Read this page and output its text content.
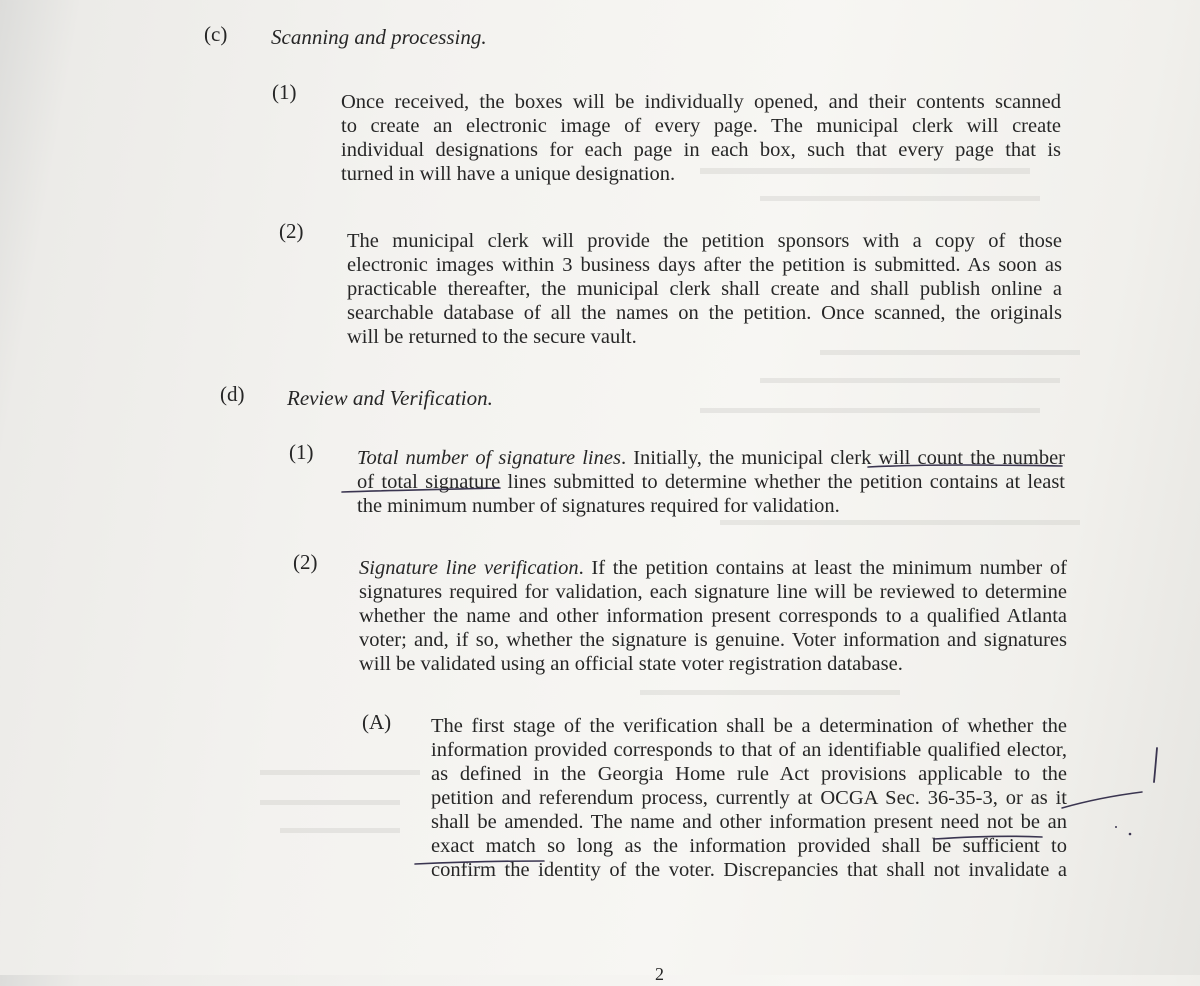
(c) Scanning and processing.
(1) Once received, the boxes will be individually opened, and their contents scanned
to create an electronic image of every page. The municipal clerk will create
individual designations for each page in each box, such that every page that is
turned in will have a unique designation.
(2) The municipal clerk will provide the petition sponsors with a copy of those
electronic images within 3 business days after the petition is submitted. As soon as
practicable thereafter, the municipal clerk shall create and shall publish online a
searchable database of all the names on the petition. Once scanned, the originals
will be returned to the secure vault.
(d) Review and Verification.
(1) Total number of signature lines. Initially, the municipal clerk will count the number
of total signature lines submitted to determine whether the petition contains at least
the minimum number of signatures required for validation.
(2) Signature line verification. If the petition contains at least the minimum number of
signatures required for validation, each signature line will be reviewed to determine
whether the name and other information present corresponds to a qualified Atlanta
voter; and, if so, whether the signature is genuine. Voter information and signatures
will be validated using an official state voter registration database.
(A) The first stage of the verification shall be a determination of whether the
information provided corresponds to that of an identifiable qualified elector,
as defined in the Georgia Home rule Act provisions applicable to the
petition and referendum process, currently at OCGA Sec. 36-35-3, or as it
shall be amended. The name and other information present need not be an
exact match so long as the information provided shall be sufficient to
confirm the identity of the voter. Discrepancies that shall not invalidate a
2
